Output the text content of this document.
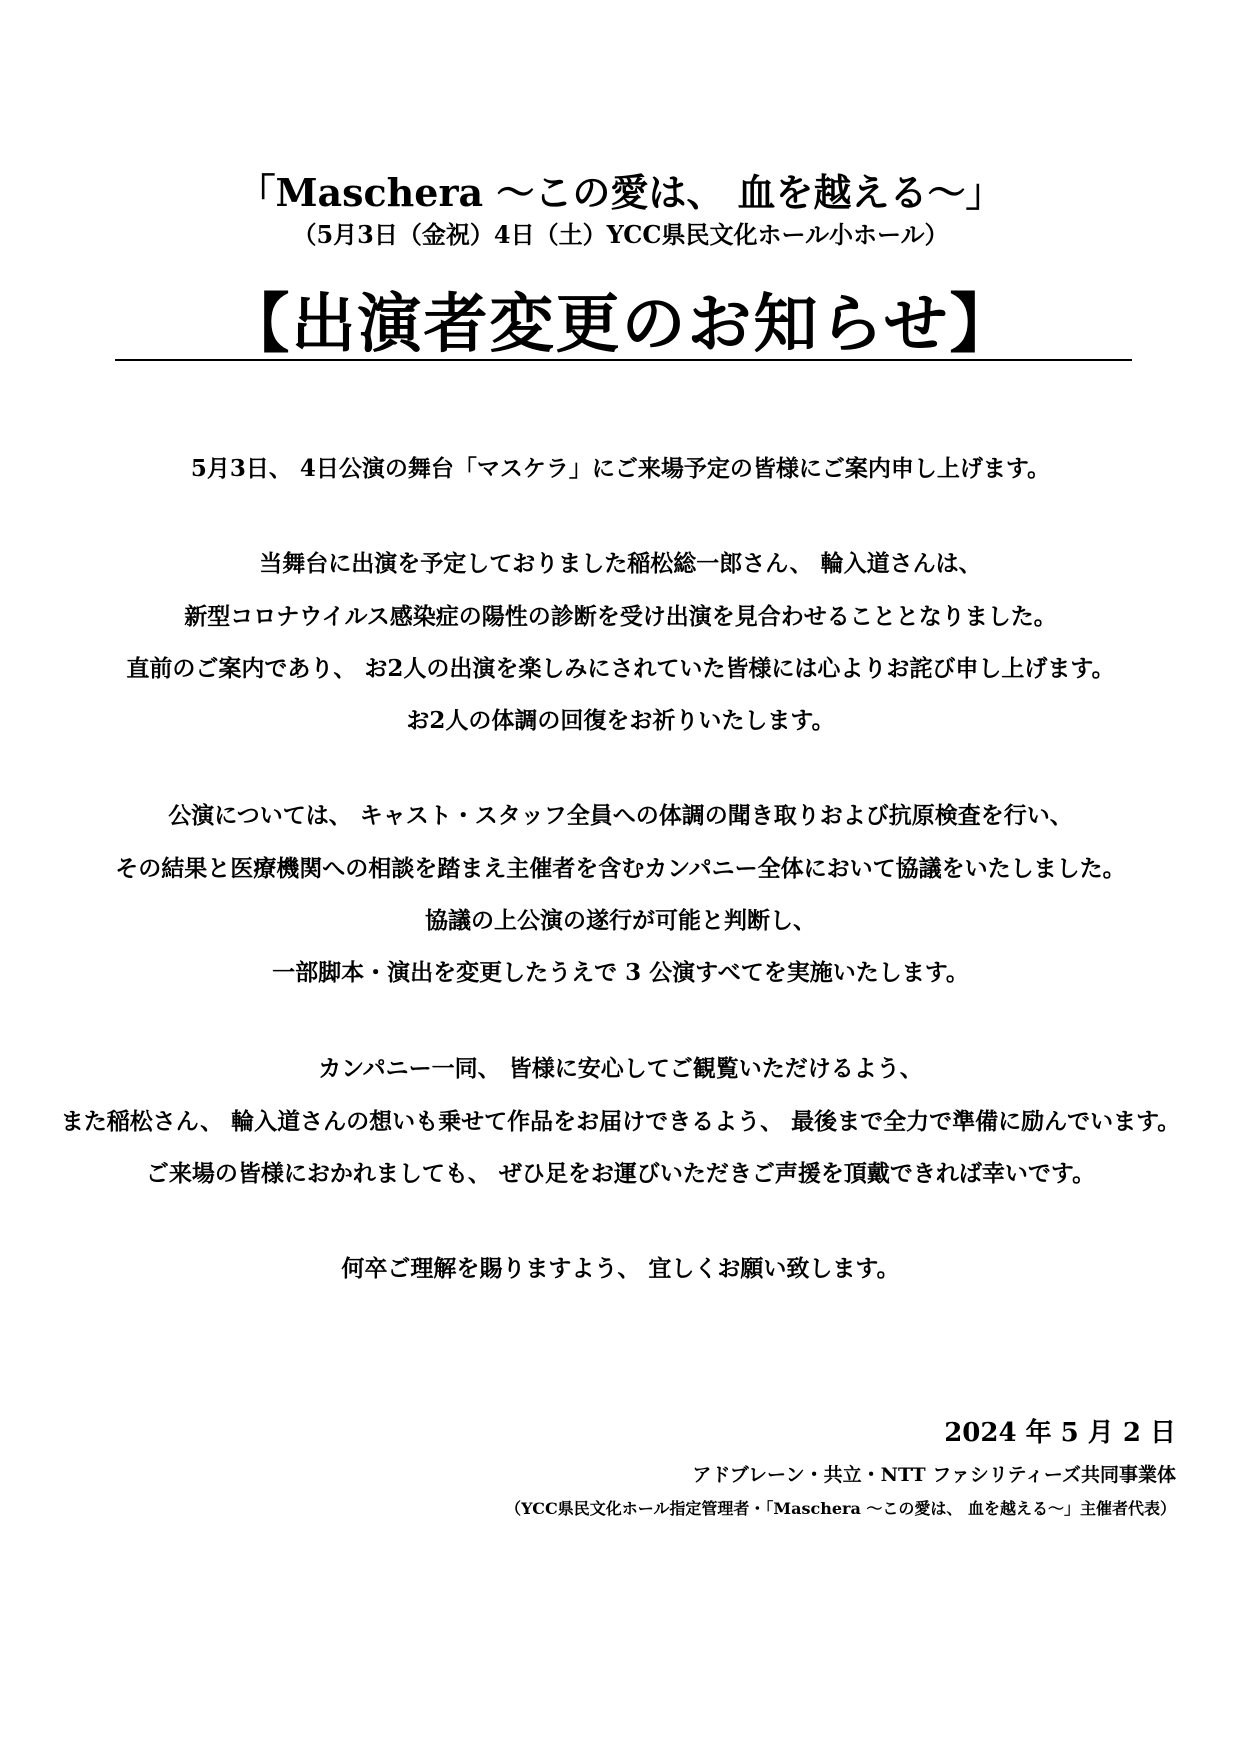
「Maschera 〜この愛は、 血を越える〜」
（5月3日（金祝）4日（土）YCC県民文化ホール小ホール）
【出演者変更のお知らせ】
5月3日、 4日公演の舞台「マスケラ」にご来場予定の皆様にご案内申し上げます。
当舞台に出演を予定しておりました稲松総一郎さん、 輪入道さんは、
新型コロナウイルス感染症の陽性の診断を受け出演を見合わせることとなりました。
直前のご案内であり、 お2人の出演を楽しみにされていた皆様には心よりお詫び申し上げます。
お2人の体調の回復をお祈りいたします。
公演については、 キャスト・スタッフ全員への体調の聞き取りおよび抗原検査を行い、
その結果と医療機関への相談を踏まえ主催者を含むカンパニー全体において協議をいたしました。
協議の上公演の遂行が可能と判断し、
一部脚本・演出を変更したうえで 3 公演すべてを実施いたします。
カンパニー一同、 皆様に安心してご観覧いただけるよう、
また稲松さん、 輪入道さんの想いも乗せて作品をお届けできるよう、 最後まで全力で準備に励んでいます。
ご来場の皆様におかれましても、 ぜひ足をお運びいただきご声援を頂戴できれば幸いです。
何卒ご理解を賜りますよう、 宜しくお願い致します。
2024 年 5 月 2 日
アドブレーン・共立・NTT ファシリティーズ共同事業体
（YCC県民文化ホール指定管理者・「Maschera 〜この愛は、 血を越える〜」主催者代表）
